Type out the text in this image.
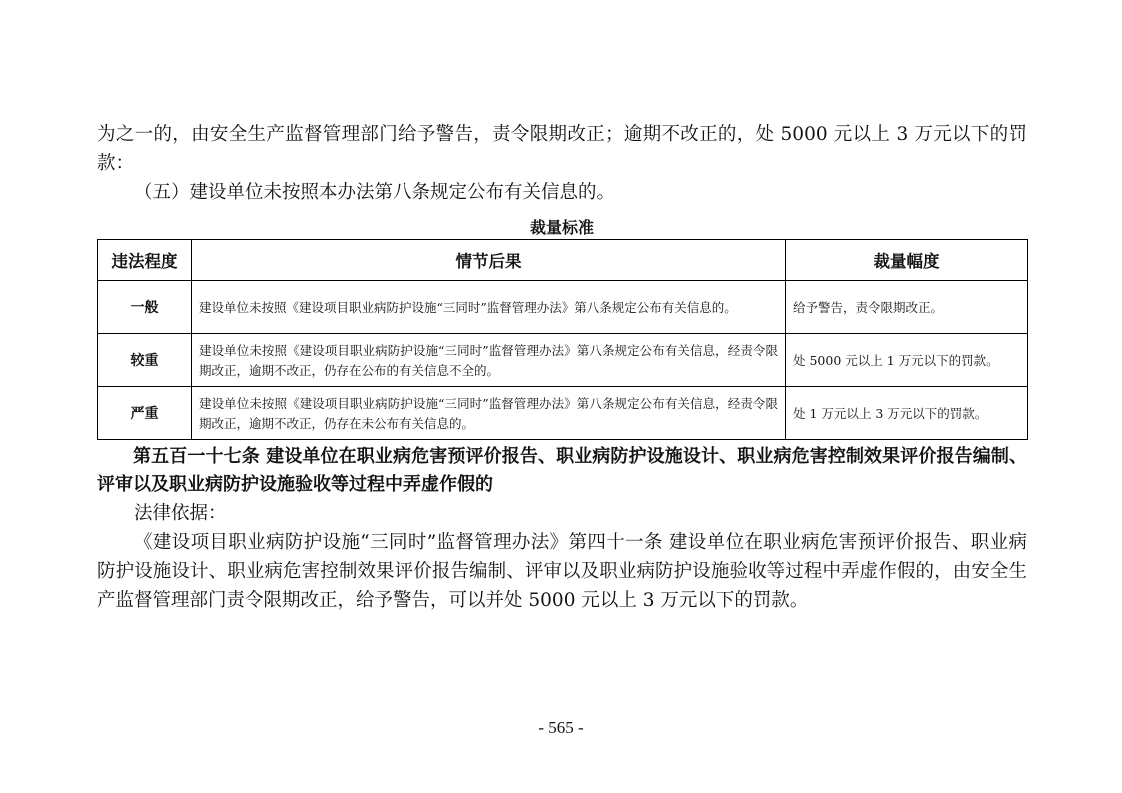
为之一的，由安全生产监督管理部门给予警告，责令限期改正；逾期不改正的，处 5000 元以上 3 万元以下的罚款：

（五）建设单位未按照本办法第八条规定公布有关信息的。

裁量标准
违法程度	情节后果	裁量幅度
一般	建设单位未按照《建设项目职业病防护设施“三同时”监督管理办法》第八条规定公布有关信息的。	给予警告，责令限期改正。
较重	建设单位未按照《建设项目职业病防护设施“三同时”监督管理办法》第八条规定公布有关信息，经责令限期改正，逾期不改正，仍存在公布的有关信息不全的。	处 5000 元以上 1 万元以下的罚款。
严重	建设单位未按照《建设项目职业病防护设施“三同时”监督管理办法》第八条规定公布有关信息，经责令限期改正，逾期不改正，仍存在未公布有关信息的。	处 1 万元以上 3 万元以下的罚款。

第五百一十七条 建设单位在职业病危害预评价报告、职业病防护设施设计、职业病危害控制效果评价报告编制、评审以及职业病防护设施验收等过程中弄虚作假的

法律依据：

《建设项目职业病防护设施“三同时”监督管理办法》第四十一条 建设单位在职业病危害预评价报告、职业病防护设施设计、职业病危害控制效果评价报告编制、评审以及职业病防护设施验收等过程中弄虚作假的，由安全生产监督管理部门责令限期改正，给予警告，可以并处 5000 元以上 3 万元以下的罚款。

- 565 -
